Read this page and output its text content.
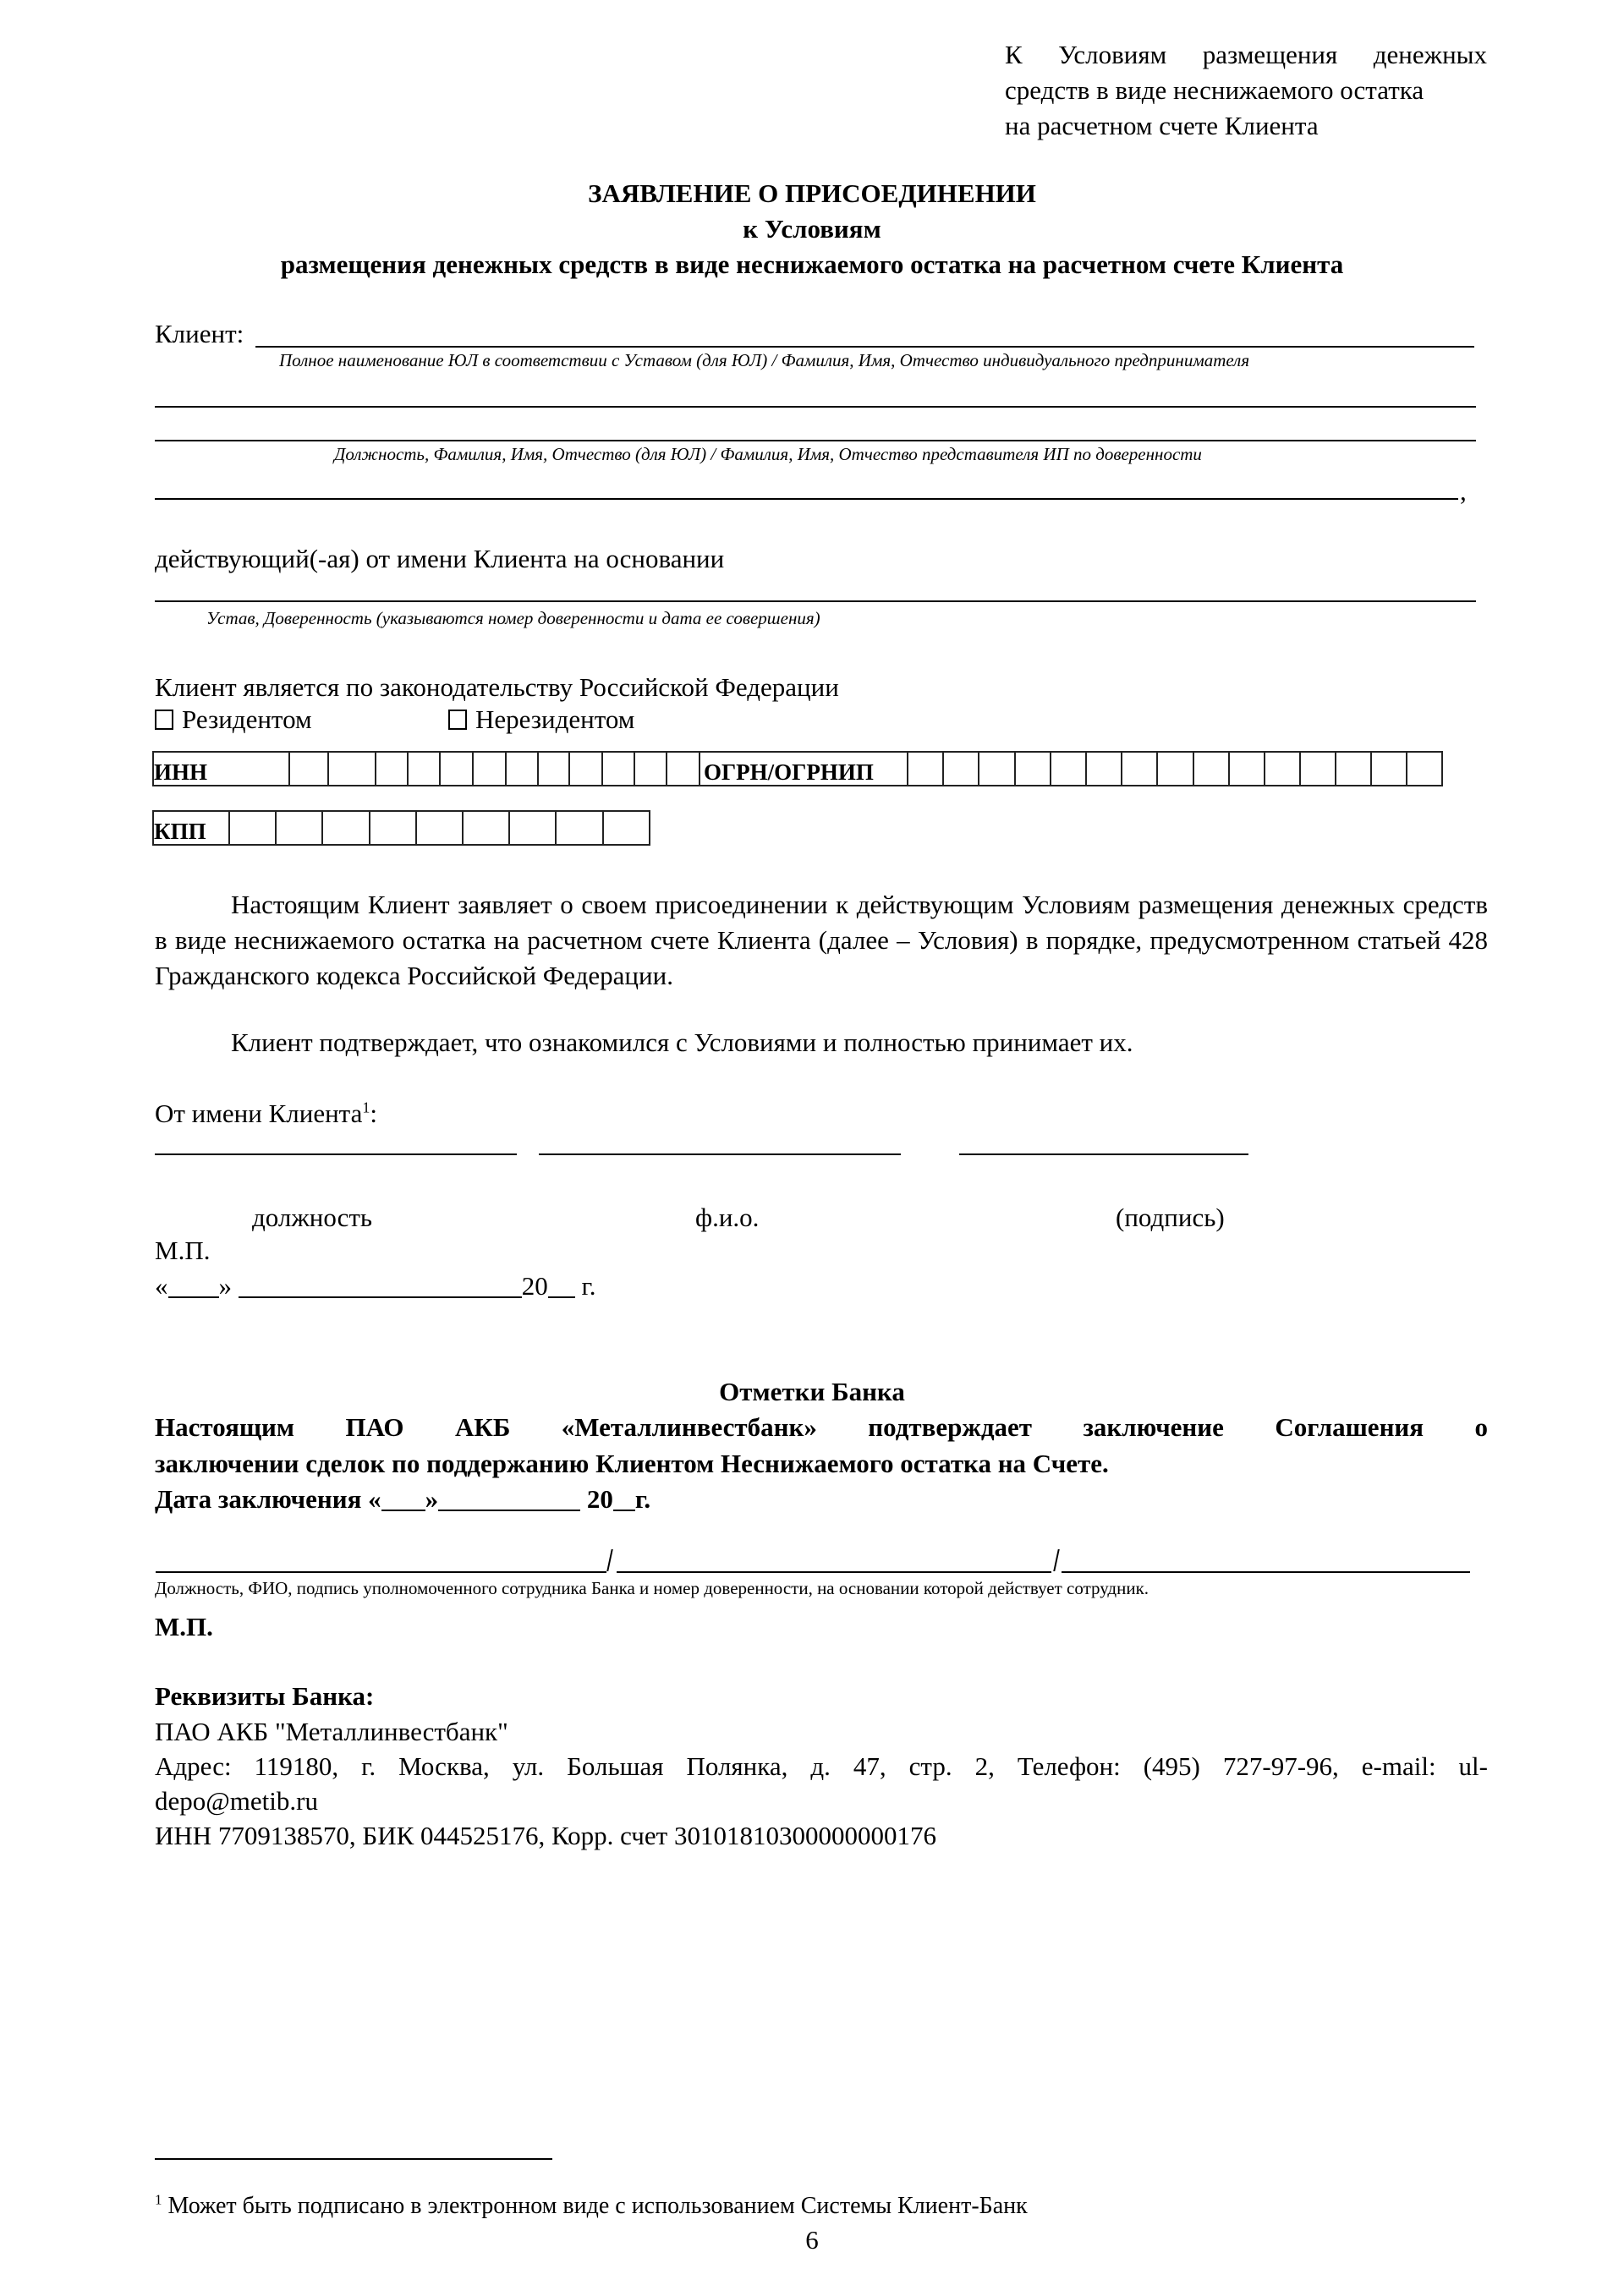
К Условиям размещения денежных
средств в виде неснижаемого остатка
на расчетном счете Клиента
ЗАЯВЛЕНИЕ О ПРИСОЕДИНЕНИИ
к Условиям
размещения денежных средств в виде неснижаемого остатка на расчетном счете Клиента
Клиент:
Полное наименование ЮЛ в соответствии с Уставом (для ЮЛ) / Фамилия, Имя, Отчество индивидуального предпринимателя
Должность, Фамилия, Имя, Отчество (для ЮЛ) / Фамилия, Имя, Отчество представителя ИП по доверенности
,
действующий(-ая) от имени Клиента на основании
Устав, Доверенность (указываются номер доверенности и дата ее совершения)
Клиент является по законодательству Российской Федерации
Резидентом	Нерезидентом
ИНН													ОГРН/ОГРНИП															
КПП									
Настоящим Клиент заявляет о своем присоединении к действующим Условиям размещения денежных средств в виде неснижаемого остатка на расчетном счете Клиента (далее – Условия) в порядке, предусмотренном статьей 428 Гражданского кодекса Российской Федерации.
Клиент подтверждает, что ознакомился с Условиями и полностью принимает их.
От имени Клиента$^1$:
должность	ф.и.о.	(подпись)
М.П.
« »	20 г.
Отметки Банка
Настоящим ПАО АКБ «Металлинвестбанк» подтверждает заключение Соглашения о
заключении сделок по поддержанию Клиентом Неснижаемого остатка на Счете.
Дата заключения « »	20 г.
Должность, ФИО, подпись уполномоченного сотрудника Банка и номер доверенности, на основании которой действует сотрудник.
М.П.
Реквизиты Банка:
ПАО АКБ "Металлинвестбанк"
Адрес: 119180, г. Москва, ул. Большая Полянка, д. 47, стр. 2, Телефон: (495) 727-97-96, e-mail: ul-
depo@metib.ru
ИНН 7709138570, БИК 044525176, Корр. счет 30101810300000000176
$^1$ Может быть подписано в электронном виде с использованием Системы Клиент-Банк
6
